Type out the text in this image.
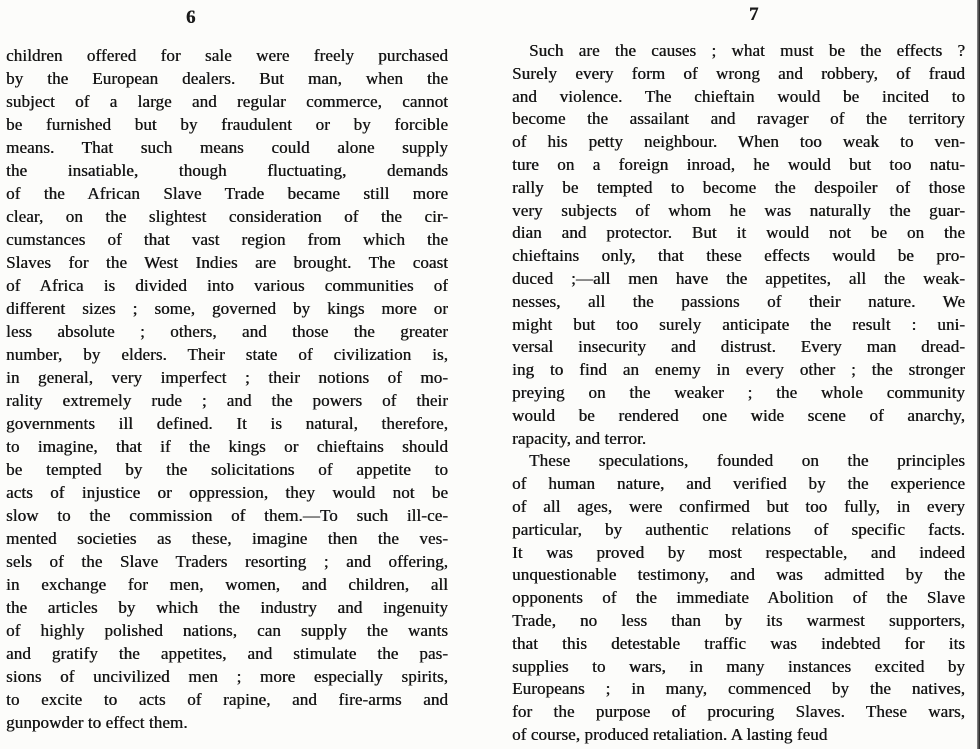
6	7
children offered for sale were freely purchased
by the European dealers. But man, when the
subject of a large and regular commerce, cannot
be furnished but by fraudulent or by forcible
means. That such means could alone supply
the insatiable, though fluctuating, demands
of the African Slave Trade became still more
clear, on the slightest consideration of the cir-
cumstances of that vast region from which the
Slaves for the West Indies are brought. The coast
of Africa is divided into various communities of
different sizes ; some, governed by kings more or
less absolute ; others, and those the greater
number, by elders. Their state of civilization is,
in general, very imperfect ; their notions of mo-
rality extremely rude ; and the powers of their
governments ill defined. It is natural, therefore,
to imagine, that if the kings or chieftains should
be tempted by the solicitations of appetite to
acts of injustice or oppression, they would not be
slow to the commission of them.—To such ill-ce-
mented societies as these, imagine then the ves-
sels of the Slave Traders resorting ; and offering,
in exchange for men, women, and children, all
the articles by which the industry and ingenuity
of highly polished nations, can supply the wants
and gratify the appetites, and stimulate the pas-
sions of uncivilized men ; more especially spirits,
to excite to acts of rapine, and fire-arms and
gunpowder to effect them.
Such are the causes ; what must be the effects ?
Surely every form of wrong and robbery, of fraud
and violence. The chieftain would be incited to
become the assailant and ravager of the territory
of his petty neighbour. When too weak to ven-
ture on a foreign inroad, he would but too natu-
rally be tempted to become the despoiler of those
very subjects of whom he was naturally the guar-
dian and protector. But it would not be on the
chieftains only, that these effects would be pro-
duced ;—all men have the appetites, all the weak-
nesses, all the passions of their nature. We
might but too surely anticipate the result : uni-
versal insecurity and distrust. Every man dread-
ing to find an enemy in every other ; the stronger
preying on the weaker ; the whole community
would be rendered one wide scene of anarchy,
rapacity, and terror.
These speculations, founded on the principles
of human nature, and verified by the experience
of all ages, were confirmed but too fully, in every
particular, by authentic relations of specific facts.
It was proved by most respectable, and indeed
unquestionable testimony, and was admitted by the
opponents of the immediate Abolition of the Slave
Trade, no less than by its warmest supporters,
that this detestable traffic was indebted for its
supplies to wars, in many instances excited by
Europeans ; in many, commenced by the natives,
for the purpose of procuring Slaves. These wars,
of course, produced retaliation. A lasting feud
